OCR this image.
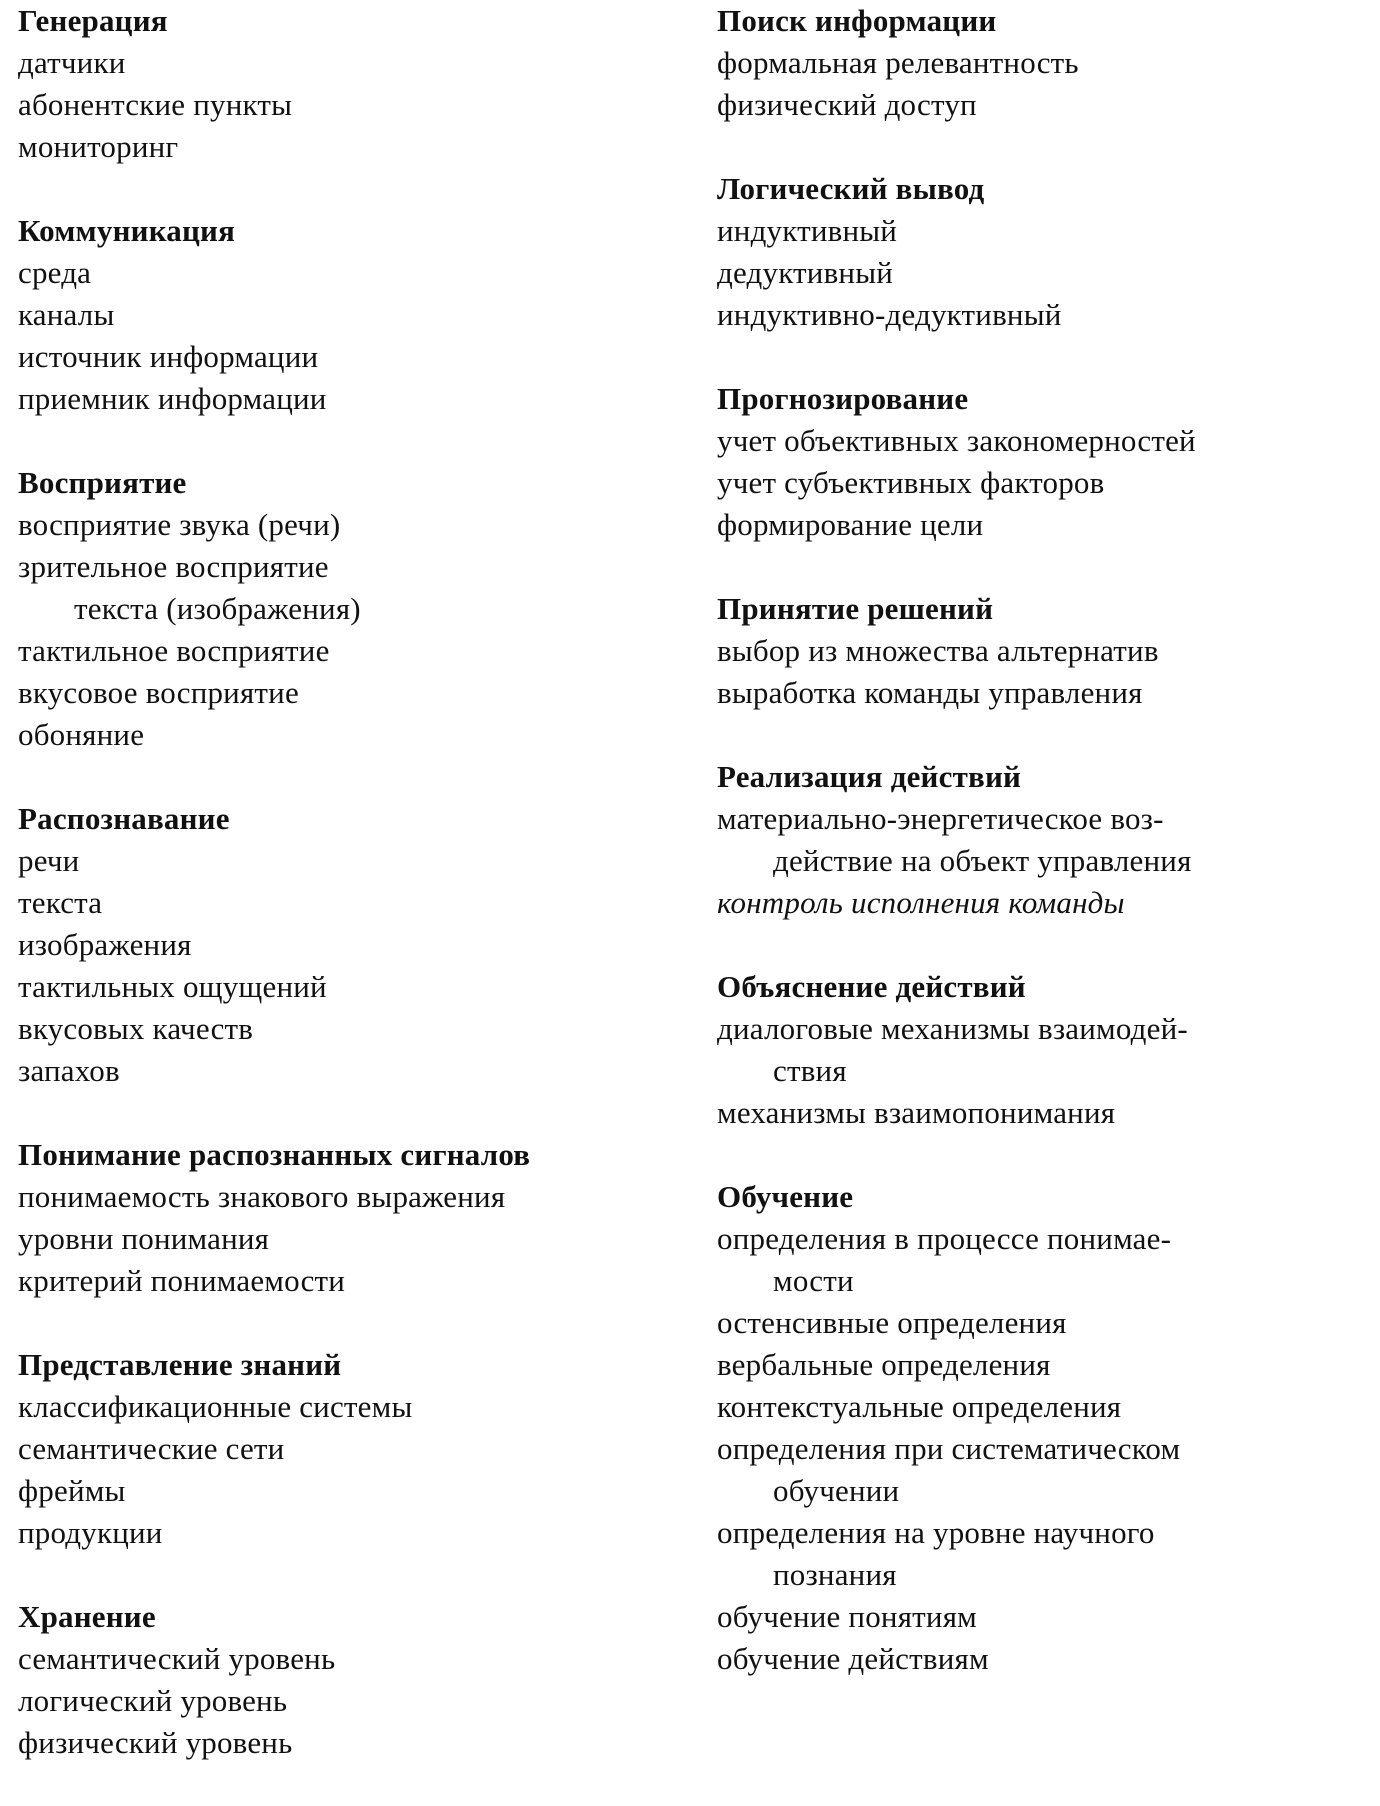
Генерация
датчики
абонентские пункты
мониторинг
Коммуникация
среда
каналы
источник информации
приемник информации
Восприятие
восприятие звука (речи)
зрительное восприятие
текста (изображения)
тактильное восприятие
вкусовое восприятие
обоняние
Распознавание
речи
текста
изображения
тактильных ощущений
вкусовых качеств
запахов
Понимание распознанных сигналов
понимаемость знакового выражения
уровни понимания
критерий понимаемости
Представление знаний
классификационные системы
семантические сети
фреймы
продукции
Хранение
семантический уровень
логический уровень
физический уровень
Поиск информации
формальная релевантность
физический доступ
Логический вывод
индуктивный
дедуктивный
индуктивно-дедуктивный
Прогнозирование
учет объективных закономерностей
учет субъективных факторов
формирование цели
Принятие решений
выбор из множества альтернатив
выработка команды управления
Реализация действий
материально-энергетическое воз-
действие на объект управления
контроль исполнения команды
Объяснение действий
диалоговые механизмы взаимодей-
ствия
механизмы взаимопонимания
Обучение
определения в процессе понимае-
мости
остенсивные определения
вербальные определения
контекстуальные определения
определения при систематическом
обучении
определения на уровне научного
познания
обучение понятиям
обучение действиям
